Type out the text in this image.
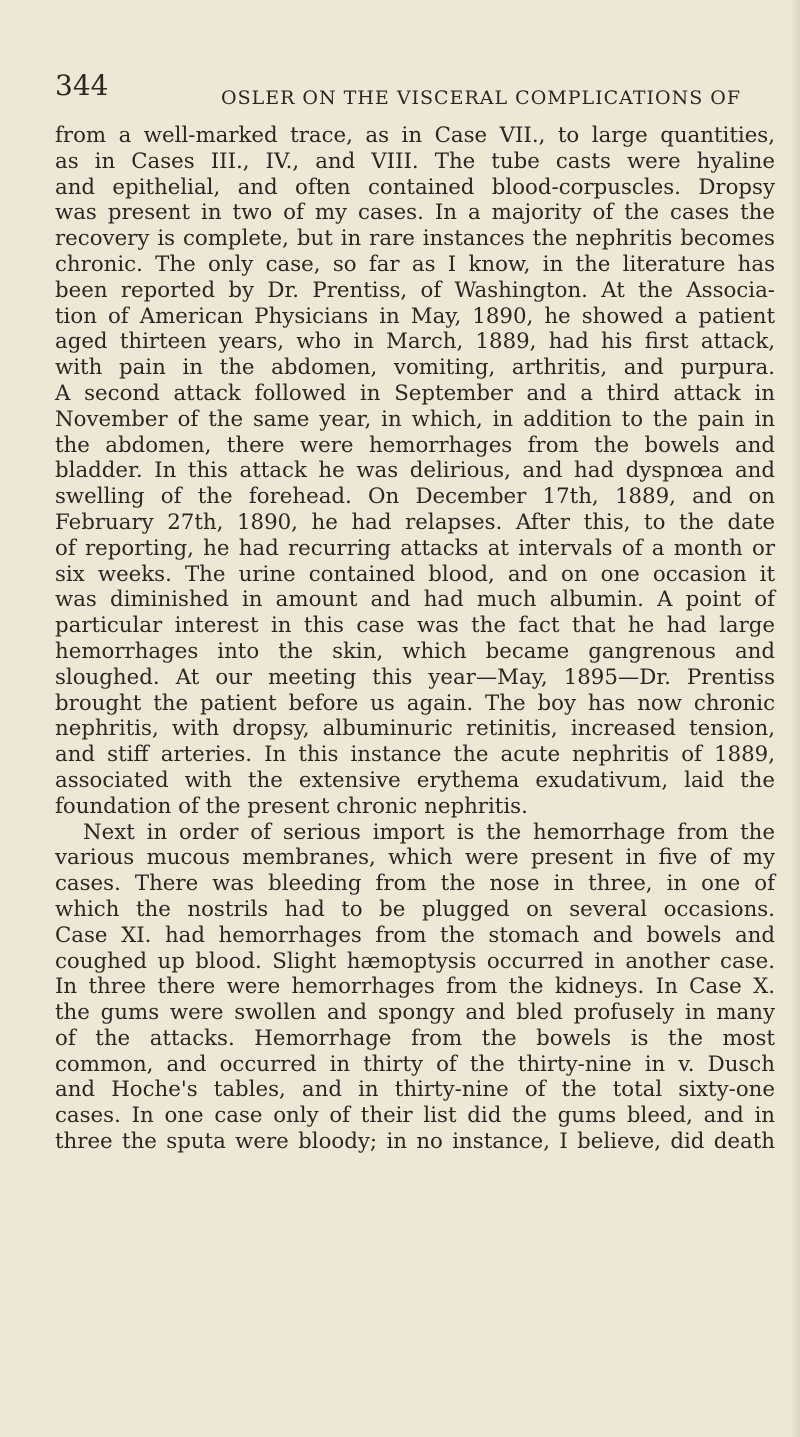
344	OSLER ON THE VISCERAL COMPLICATIONS OF
from a well-marked trace, as in Case VII., to large quantities,
as in Cases III., IV., and VIII. The tube casts were hyaline
and epithelial, and often contained blood-corpuscles. Dropsy
was present in two of my cases. In a majority of the cases the
recovery is complete, but in rare instances the nephritis becomes
chronic. The only case, so far as I know, in the literature has
been reported by Dr. Prentiss, of Washington. At the Associa-
tion of American Physicians in May, 1890, he showed a patient
aged thirteen years, who in March, 1889, had his first attack,
with pain in the abdomen, vomiting, arthritis, and purpura.
A second attack followed in September and a third attack in
November of the same year, in which, in addition to the pain in
the abdomen, there were hemorrhages from the bowels and
bladder. In this attack he was delirious, and had dyspnœa and
swelling of the forehead. On December 17th, 1889, and on
February 27th, 1890, he had relapses. After this, to the date
of reporting, he had recurring attacks at intervals of a month or
six weeks. The urine contained blood, and on one occasion it
was diminished in amount and had much albumin. A point of
particular interest in this case was the fact that he had large
hemorrhages into the skin, which became gangrenous and
sloughed. At our meeting this year—May, 1895—Dr. Prentiss
brought the patient before us again. The boy has now chronic
nephritis, with dropsy, albuminuric retinitis, increased tension,
and stiff arteries. In this instance the acute nephritis of 1889,
associated with the extensive erythema exudativum, laid the
foundation of the present chronic nephritis.
Next in order of serious import is the hemorrhage from the
various mucous membranes, which were present in five of my
cases. There was bleeding from the nose in three, in one of
which the nostrils had to be plugged on several occasions.
Case XI. had hemorrhages from the stomach and bowels and
coughed up blood. Slight hæmoptysis occurred in another case.
In three there were hemorrhages from the kidneys. In Case X.
the gums were swollen and spongy and bled profusely in many
of the attacks. Hemorrhage from the bowels is the most
common, and occurred in thirty of the thirty-nine in v. Dusch
and Hoche's tables, and in thirty-nine of the total sixty-one
cases. In one case only of their list did the gums bleed, and in
three the sputa were bloody; in no instance, I believe, did death
